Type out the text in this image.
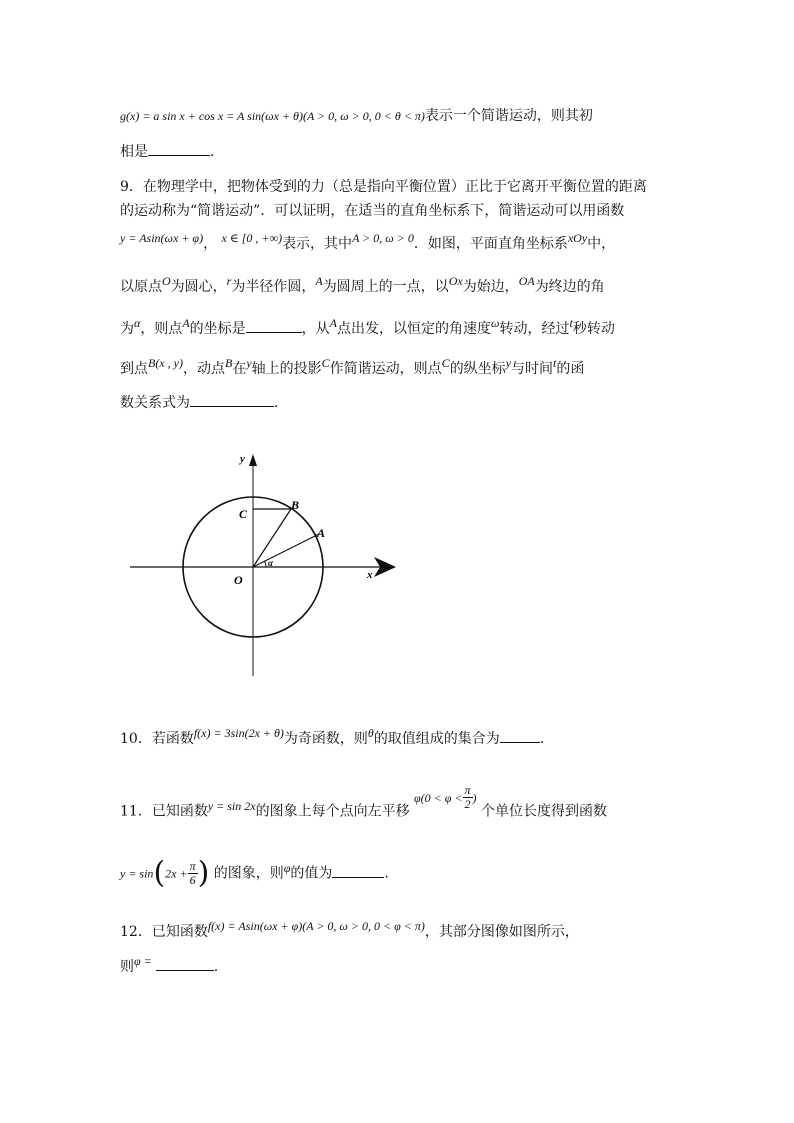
g(x) = a sin x + cos x = A sin(ωx + θ)(A > 0, ω > 0, 0 < θ < π)表示一个简谐运动，则其初
相是	.
9．在物理学中，把物体受到的力（总是指向平衡位置）正比于它离开平衡位置的距离
的运动称为“简谐运动”．可以证明，在适当的直角坐标系下，简谐运动可以用函数
y = Asin(ωx + φ)， x ∈ [0 , +∞)表示，其中A > 0, ω > 0．如图，平面直角坐标系xOy中，
以原点O为圆心，r为半径作圆，A为圆周上的一点，以Ox为始边，OA为终边的角
为α，则点A的坐标是	，从A点出发，以恒定的角速度ω转动，经过t秒转动
到点B(x , y)，动点B在y轴上的投影C作简谐运动，则点C的纵坐标y与时间t的函
数关系式为	.
y
x
O
A
B
C
α
10．若函数f(x) = 3sin(2x + θ)为奇函数，则θ的取值组成的集合为	.
11．已知函数y = sin 2x的图象上每个点向左平移 $\varphi(0 < \varphi < \frac{\pi}{2}$ ) 个单位长度得到函数
$y = \sin(2x + \frac{\pi}{6}$ ) 的图象，则φ的值为	.
12．已知函数f(x) = Asin(ωx + φ)(A > 0, ω > 0, 0 < φ < π)，其部分图像如图所示，
则φ =	.
